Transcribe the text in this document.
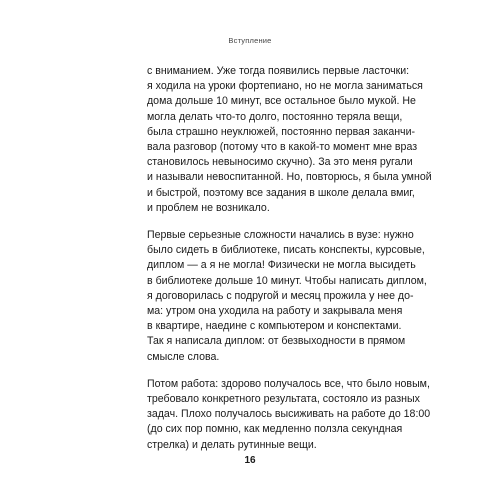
Вступление

с вниманием. Уже тогда появились первые ласточки:
я ходила на уроки фортепиано, но не могла заниматься
дома дольше 10 минут, все остальное было мукой. Не
могла делать что-то долго, постоянно теряла вещи,
была страшно неуклюжей, постоянно первая заканчи-
вала разговор (потому что в какой-то момент мне враз
становилось невыносимо скучно). За это меня ругали
и называли невоспитанной. Но, повторюсь, я была умной
и быстрой, поэтому все задания в школе делала вмиг,
и проблем не возникало.

Первые серьезные сложности начались в вузе: нужно
было сидеть в библиотеке, писать конспекты, курсовые,
диплом — а я не могла! Физически не могла высидеть
в библиотеке дольше 10 минут. Чтобы написать диплом,
я договорилась с подругой и месяц прожила у нее до-
ма: утром она уходила на работу и закрывала меня
в квартире, наедине с компьютером и конспектами.
Так я написала диплом: от безвыходности в прямом
смысле слова.

Потом работа: здорово получалось все, что было новым,
требовало конкретного результата, состояло из разных
задач. Плохо получалось высиживать на работе до 18:00
(до сих пор помню, как медленно ползла секундная
стрелка) и делать рутинные вещи.

16
